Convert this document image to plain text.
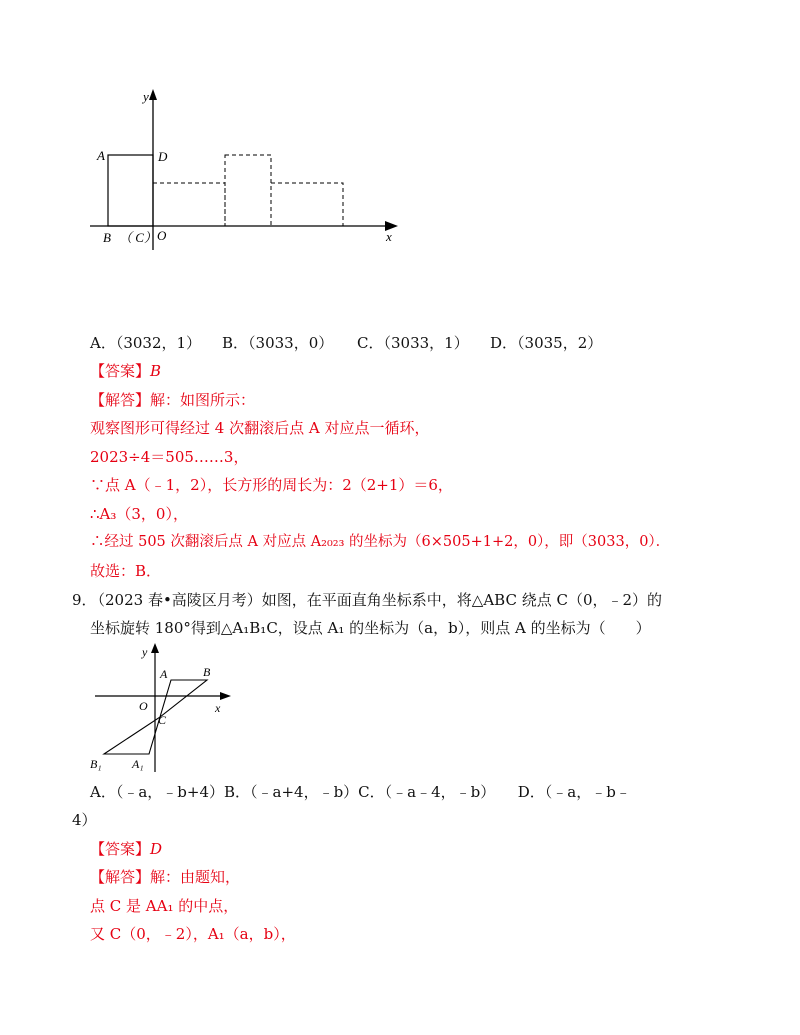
y
x
A	D
B （ C） O
A．（3032，1） B．（3033，0） C．（3033，1） D．（3035，2）
【答案】B
【解答】解：如图所示：
观察图形可得经过 4 次翻滚后点 A 对应点一循环，
2023÷4＝505……3，
∵点 A（﹣1，2），长方形的周长为：2（2+1）＝6，
∴A₃（3，0），
∴经过 505 次翻滚后点 A 对应点 A₂₀₂₃ 的坐标为（6×505+1+2，0），即（3033，0）．
故选：B．
9．
（2023 春•高陵区月考）如图，在平面直角坐标系中，将△ABC 绕点 C（0，﹣2）的
坐标旋转 180°得到△A₁B₁C，设点 A₁ 的坐标为（a，b），则点 A 的坐标为（　　）
y
x
A	B
O
C
B₁	A₁
A．（﹣a，﹣b+4）B．（﹣a+4，﹣b）C．（﹣a﹣4，﹣b）　　D．（﹣a，﹣b﹣
4）
【答案】D
【解答】解：由题知，
点 C 是 AA₁ 的中点，
又 C（0，﹣2），A₁（a，b），
